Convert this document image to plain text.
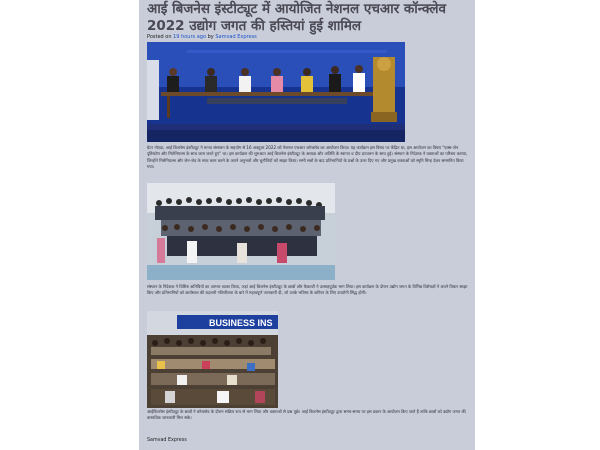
आई बिजनेस इंस्टीट्यूट में आयोजित नेशनल एचआर कॉन्क्लेव 2022 उद्योग जगत की हस्तियां हुई शामिल
Posted on 19 hours ago by Samvad Express

ग्रेटर नोएडा, आई बिजनेस इंस्टीट्यूट ने मानव संसाधन के सहयोग से 16 अक्टूबर 2022 को नेशनल एचआर कॉन्क्लेव का आयोजन किया। यह कार्यक्रम इस विषय पर केंद्रित था, इस आयोजन का विषय "एक्स-जेन दृष्टिकोण और मिलेनियल्स के साथ काम करते हुए" था। इस कार्यक्रम की शुरुआत आई बिजनेस इंस्टीट्यूट के अध्यक्ष और अतिथि के स्वागत व दीप प्रज्वलन के साथ हुई। संस्थान के निदेशक ने वक्ताओं का परिचय कराया, जिन्होंने मिलेनियल्स और जेन-जेड के साथ काम करने के अपने अनुभवों और चुनौतियों को साझा किया। सभी सत्रों के बाद प्रतिभागियों के प्रश्नों के उत्तर दिए गए और प्रमुख वक्ताओं को स्मृति चिन्ह देकर सम्मानित किया गया।

संस्थान के निदेशक ने विशिष्ट अतिथियों का आभार व्यक्त किया, जहां आई बिजनेस इंस्टीट्यूट के छात्रों और फैकल्टी ने उत्साहपूर्वक भाग लिया। इस कार्यक्रम के दौरान उद्योग जगत के विभिन्न विशेषज्ञों ने अपने विचार साझा किए और प्रतिभागियों को कार्यस्थल की बदलती गतिशीलता के बारे में महत्वपूर्ण जानकारी दी, जो उनके भविष्य के करियर के लिए उपयोगी सिद्ध होगी।

BUSINESS INS

आईबिजनेस इंस्टीट्यूट के छात्रों ने कॉन्क्लेव के दौरान सक्रिय रूप से भाग लिया और वक्ताओं से प्रश्न पूछे। आई बिजनेस इंस्टीट्यूट द्वारा समय-समय पर इस प्रकार के आयोजन किए जाते हैं ताकि छात्रों को उद्योग जगत की वास्तविक जानकारी मिल सके।

Samvad Express
